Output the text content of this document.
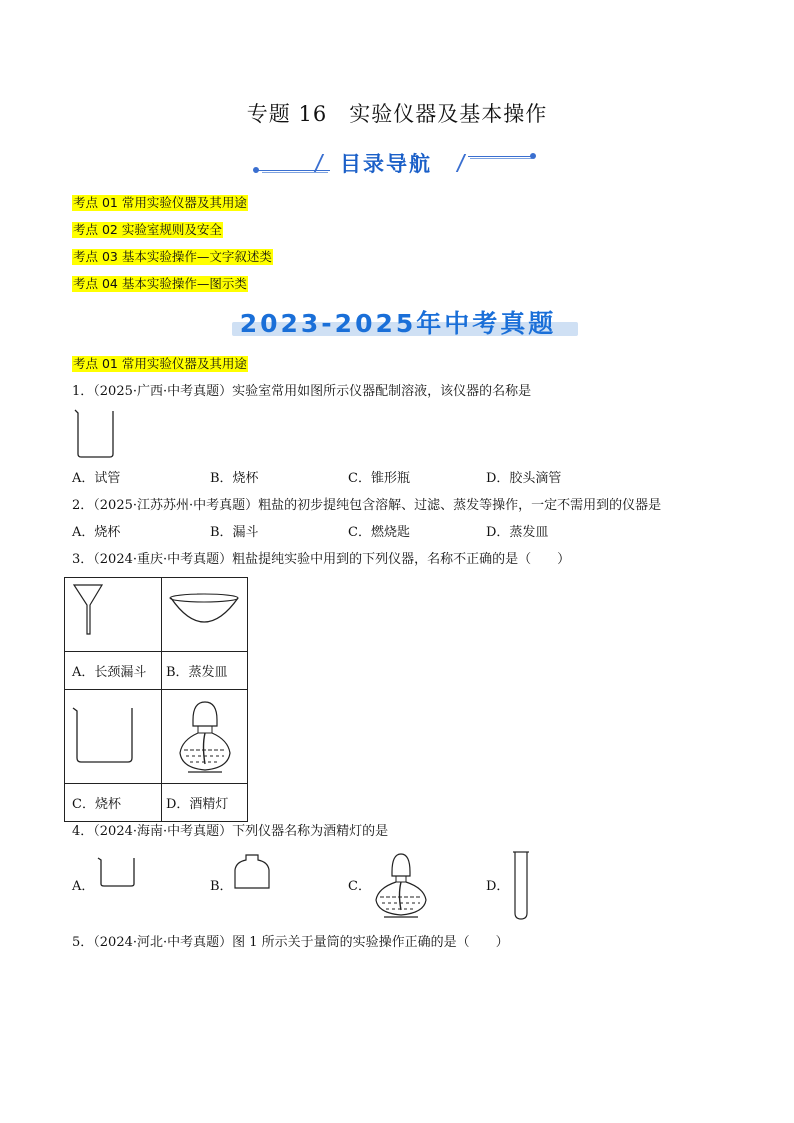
专题 16　实验仪器及基本操作
目录导航
考点 01 常用实验仪器及其用途
考点 02 实验室规则及安全
考点 03 基本实验操作—文字叙述类
考点 04 基本实验操作—图示类
2023-2025年中考真题
考点 01 常用实验仪器及其用途
1．（2025·广西·中考真题）实验室常用如图所示仪器配制溶液，该仪器的名称是
A．试管	B．烧杯	C．锥形瓶	D．胶头滴管
2．（2025·江苏苏州·中考真题）粗盐的初步提纯包含溶解、过滤、蒸发等操作，一定不需用到的仪器是
A．烧杯	B．漏斗	C．燃烧匙	D．蒸发皿
3．（2024·重庆·中考真题）粗盐提纯实验中用到的下列仪器，名称不正确的是（　　）

A．长颈漏斗	B．蒸发皿

C．烧杯	D．酒精灯
4．（2024·海南·中考真题）下列仪器名称为酒精灯的是
A．	B．	C．	D．
5．（2024·河北·中考真题）图 1 所示关于量筒的实验操作正确的是（　　）
